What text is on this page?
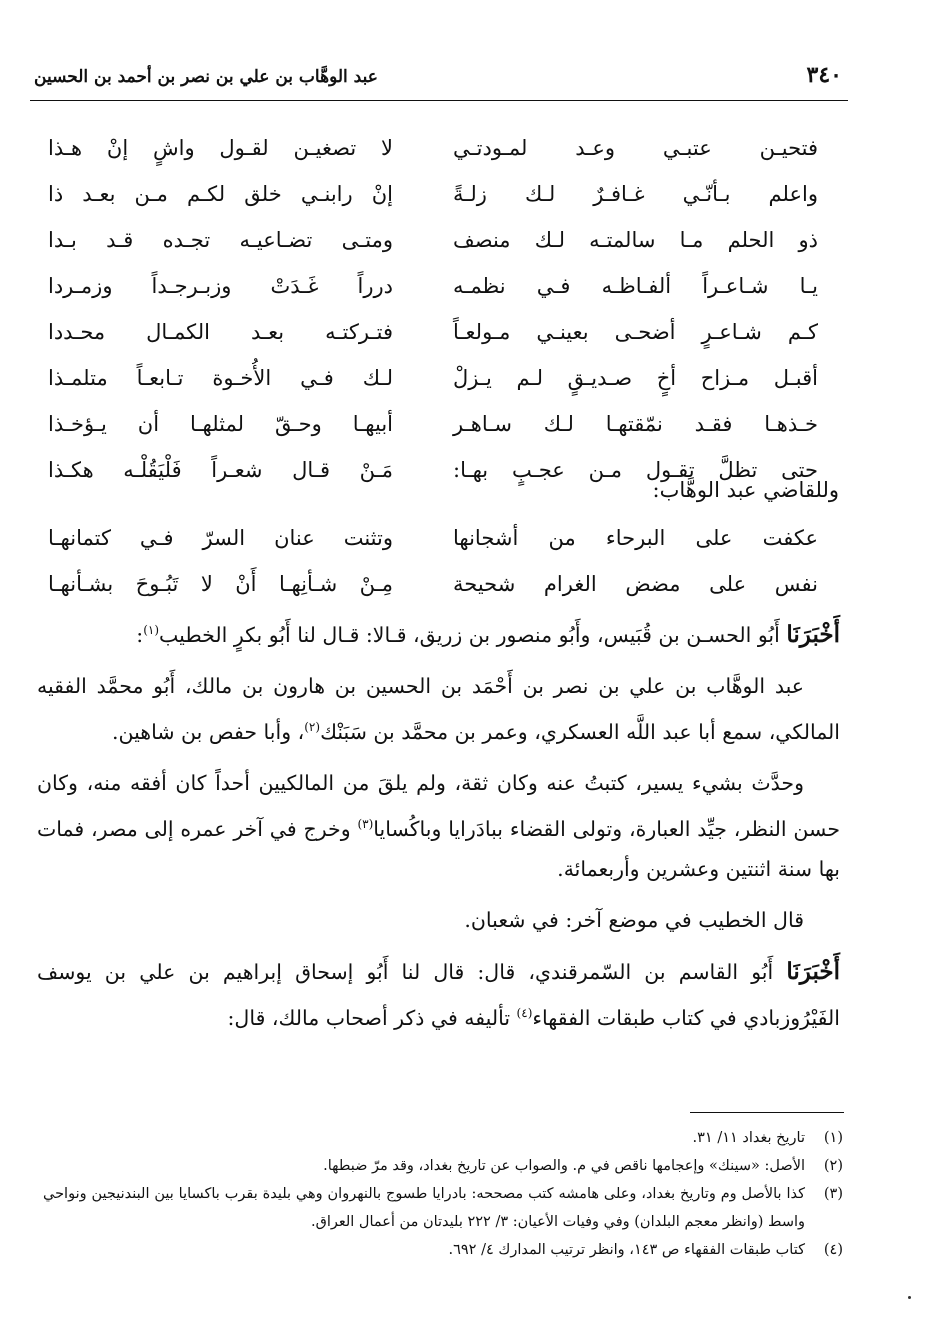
٣٤٠
عبد الوهَّاب بن علي بن نصر بن أحمد بن الحسين
فتحيـن عتبـي وعـد لمـودتـي
لا تصغيـن لقـول واشٍ إنْ هـذا
واعلم بـأنّـي غـافـرٌ لـك زلـةً
إنْ رابنـي خلق لكـم مـن بعـد ذا
ذو الحلم مـا سالمتـه لـك منصف
ومتـى تضـاعيـه تجـده قـد بـدا
يـا شـاعـراً ألفـاظـه فـي نظمـه
درراً غَـدَتْ وزبـرجـداً وزمـردا
كـم شـاعـرٍ أضحـى بعينـي مـولعـاً
فتـركتـه بعـد الكمـال محـددا
أقبـل مـزاح أخٍ صـديـقٍ لـم يـزلْ
لـك فـي الأُخـوة تـابعـاً متلمـذا
خـذهـا فقـد نمّقتهـا لـك سـاهـر
أبيهـا وحـقّ لمثلهـا أن يـؤخـذا
حتى تظلَّ تقـول مـن عجـبٍ بهـا:
مَـنْ قـال شعـراً فَلْيَقُلْـه هكـذا
وللقاضي عبد الوهَّاب:
عكفت على البرحاء من أشجانها
وتثنت عنان السرّ فـي كتمانهـا
نفس على مضض الغرام شحيحة
مِـنْ شـأنِهـا أَنْ لا تَبُـوحَ بشـأنهـا

أَخْبَرَنَا أَبُو الحسـن بن قُبَيس، وأَبُو منصور بن زريق، قـالا: قـال لنا أَبُو بكرٍ الخطيب$^{(١)}$:

عبد الوهَّاب بن علي بن نصر بن أَحْمَد بن الحسين بن هارون بن مالك، أَبُو محمَّد الفقيه المالكي، سمع أبا عبد اللَّه العسكري، وعمر بن محمَّد بن سَبَنْك$^{(٢)}$، وأبا حفص بن شاهين.

وحدَّث بشيء يسير، كتبتُ عنه وكان ثقة، ولم يلقَ من المالكيين أحداً كان أفقه منه، وكان حسن النظر، جيِّد العبارة، وتولى القضاء ببادَرايا وباكُسايا$^{(٣)}$ وخرج في آخر عمره إلى مصر، فمات بها سنة اثنتين وعشرين وأربعمائة.

قال الخطيب في موضع آخر: في شعبان.

أَخْبَرَنَا أَبُو القاسم بن السّمرقندي، قال: قال لنا أَبُو إسحاق إبراهيم بن علي بن يوسف الفَيْرُوزبادي في كتاب طبقات الفقهاء$^{(٤)}$ تأليفه في ذكر أصحاب مالك، قال:

(١)
تاريخ بغداد ١١/ ٣١.
(٢)
الأصل: «سينك» وإعجامها ناقص في م. والصواب عن تاريخ بغداد، وقد مرّ ضبطها.
(٣)
كذا بالأصل وم وتاريخ بغداد، وعلى هامشه كتب مصححه: بادرايا طسوج بالنهروان وهي بليدة بقرب باكسايا بين البندنيجين ونواحي واسط (وانظر معجم البلدان) وفي وفيات الأعيان: ٣/ ٢٢٢ بليدتان من أعمال العراق.
(٤)
كتاب طبقات الفقهاء ص ١٤٣، وانظر ترتيب المدارك ٤/ ٦٩٢.
